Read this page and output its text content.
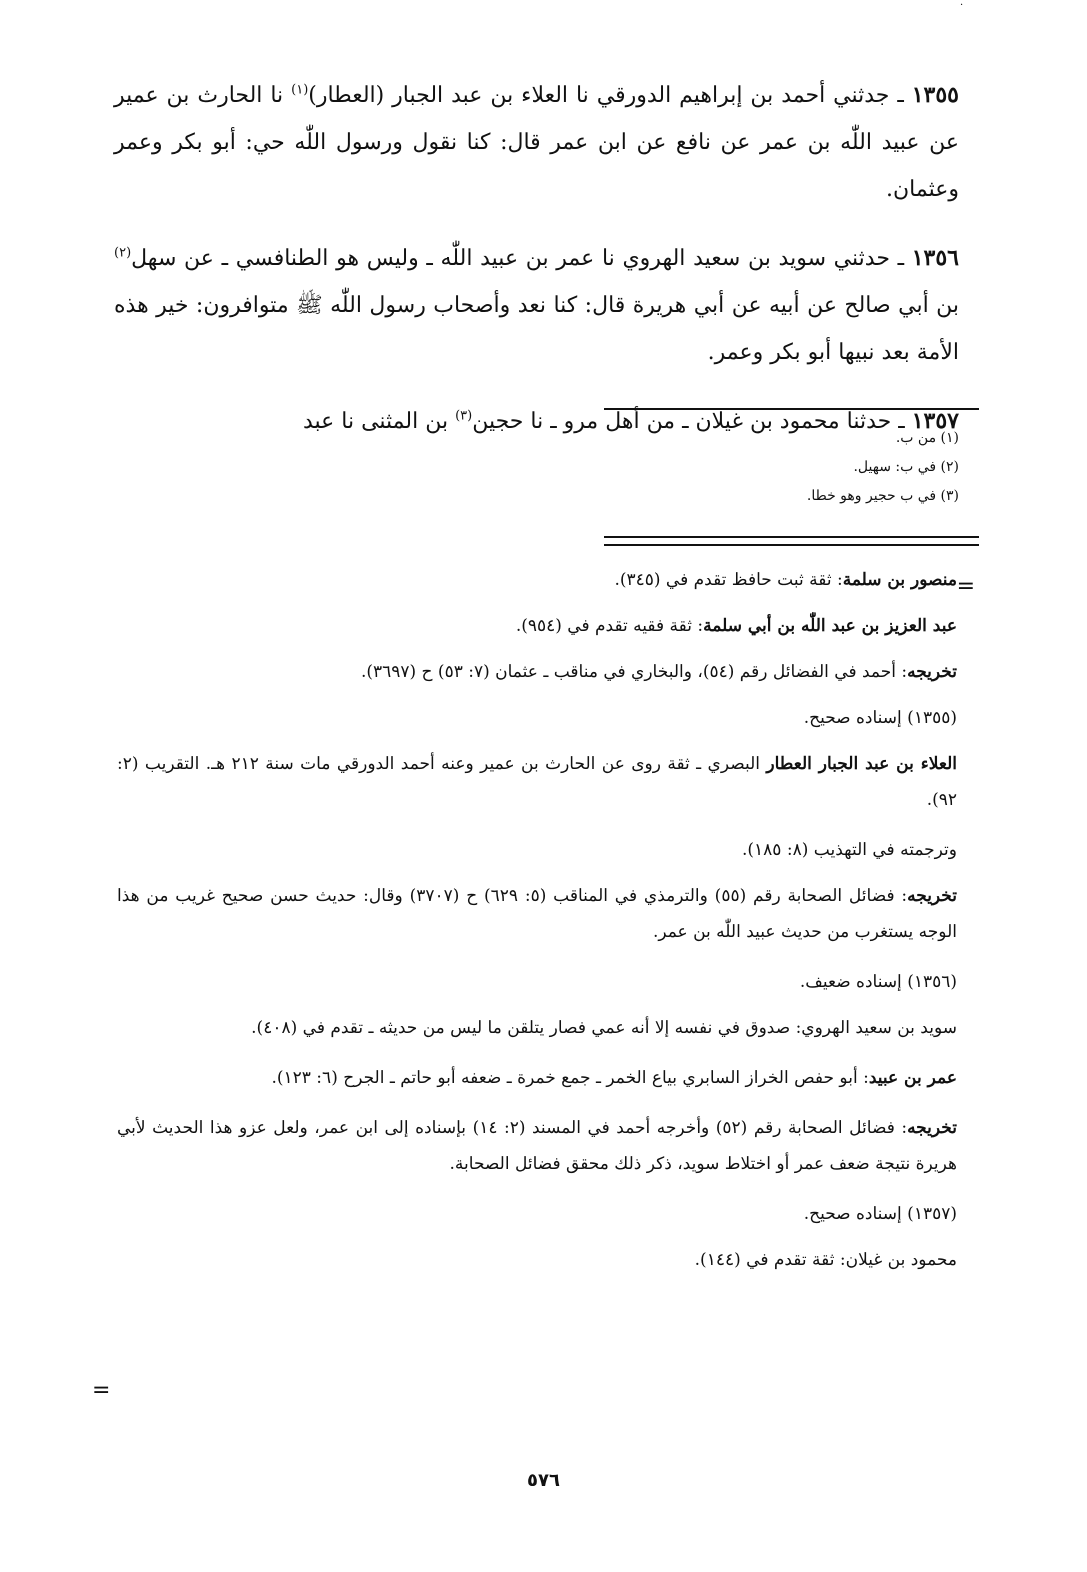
·

١٣٥٥ ـ جدثني أحمد بن إبراهيم الدورقي نا العلاء بن عبد الجبار (العطار)$^{(١)}$ نا الحارث بن عمير عن عبيد اللّٰه بن عمر عن نافع عن ابن عمر قال: كنا نقول ورسول اللّٰه حي: أبو بكر وعمر وعثمان.

١٣٥٦ ـ حدثني سويد بن سعيد الهروي نا عمر بن عبيد اللّٰه ـ وليس هو الطنافسي ـ عن سهل$^{(٢)}$ بن أبي صالح عن أبيه عن أبي هريرة قال: كنا نعد وأصحاب رسول اللّٰه ﷺ متوافرون: خير هذه الأمة بعد نبيها أبو بكر وعمر.

١٣٥٧ ـ حدثنا محمود بن غيلان ـ من أهل مرو ـ نا حجين$^{(٣)}$ بن المثنى نا عبد

(١) من ب.
(٢) في ب: سهيل.
(٣) في ب حجير وهو خطا.
=
=

منصور بن سلمة: ثقة ثبت حافظ تقدم في (٣٤٥).

عبد العزيز بن عبد اللّٰه بن أبي سلمة: ثقة فقيه تقدم في (٩٥٤).

تخريجه: أحمد في الفضائل رقم (٥٤)، والبخاري في مناقب ـ عثمان (٧: ٥٣) ح (٣٦٩٧).

(١٣٥٥) إسناده صحيح.

العلاء بن عبد الجبار العطار البصري ـ ثقة روى عن الحارث بن عمير وعنه أحمد الدورقي مات سنة ٢١٢ هـ. التقريب (٢: ٩٢).

وترجمته في التهذيب (٨: ١٨٥).

تخريجه: فضائل الصحابة رقم (٥٥) والترمذي في المناقب (٥: ٦٢٩) ح (٣٧٠٧) وقال: حديث حسن صحيح غريب من هذا الوجه يستغرب من حديث عبيد اللّٰه بن عمر.

(١٣٥٦) إسناده ضعيف.

سويد بن سعيد الهروي: صدوق في نفسه إلا أنه عمي فصار يتلقن ما ليس من حديثه ـ تقدم في (٤٠٨).

عمر بن عبيد: أبو حفص الخراز السابري بياع الخمر ـ جمع خمرة ـ ضعفه أبو حاتم ـ الجرح (٦: ١٢٣).

تخريجه: فضائل الصحابة رقم (٥٢) وأخرجه أحمد في المسند (٢: ١٤) بإسناده إلى ابن عمر، ولعل عزو هذا الحديث لأبي هريرة نتيجة ضعف عمر أو اختلاط سويد، ذكر ذلك محقق فضائل الصحابة.

(١٣٥٧) إسناده صحيح.

محمود بن غيلان: ثقة تقدم في (١٤٤).

٥٧٦
